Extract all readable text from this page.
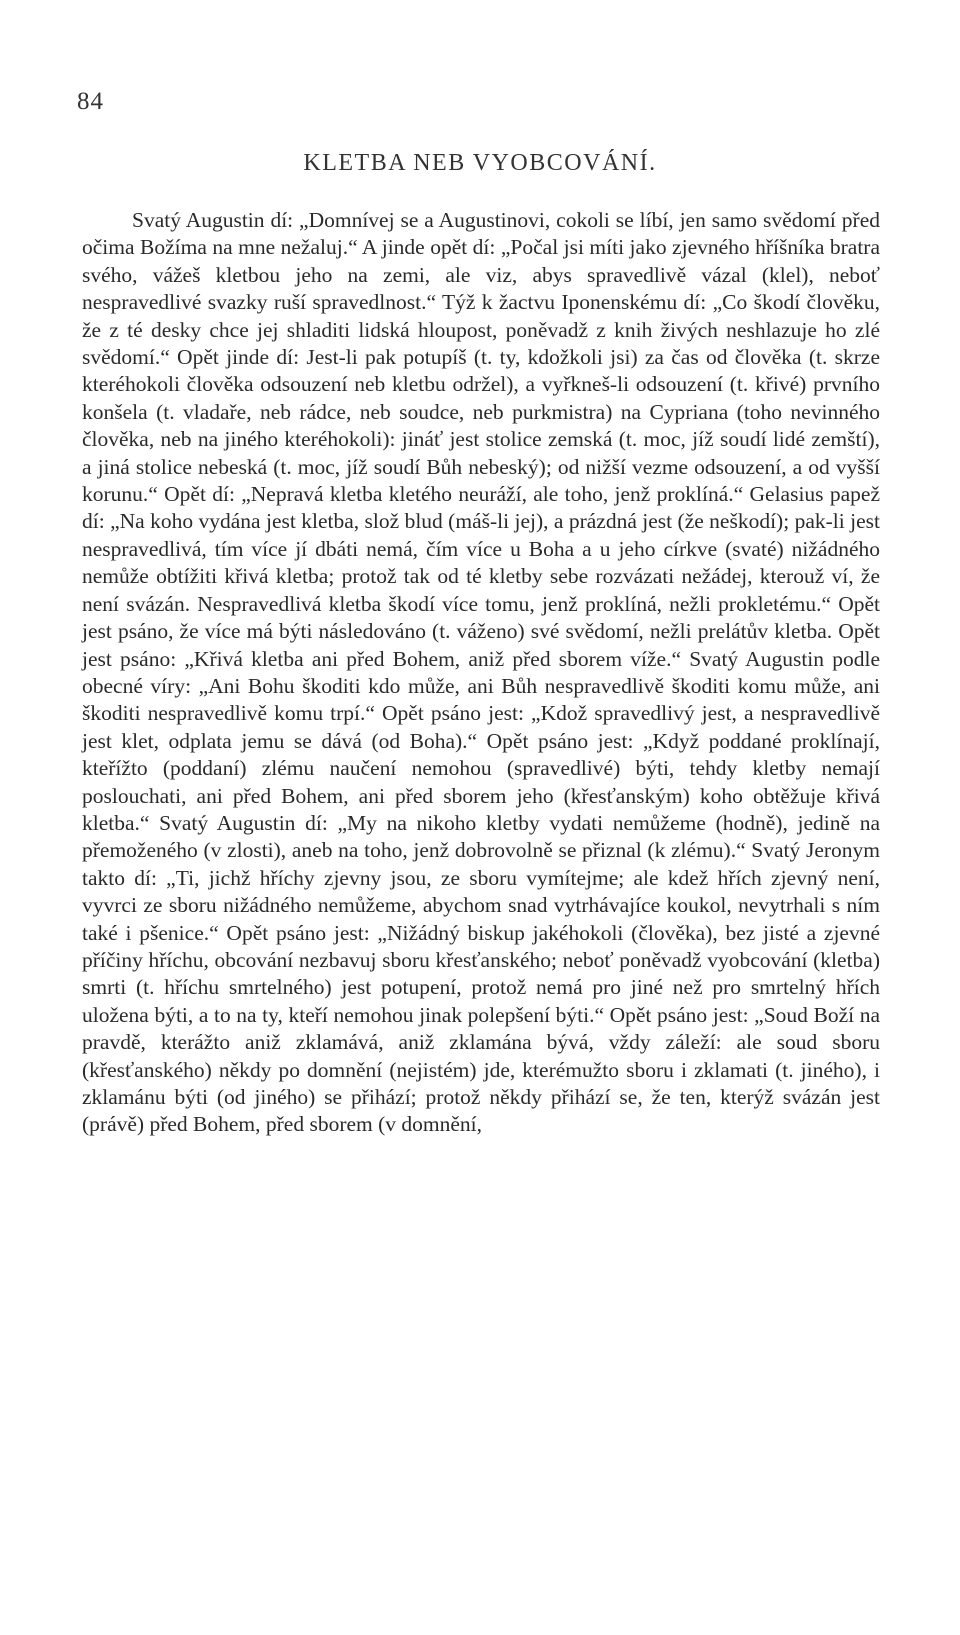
84
KLETBA NEB VYOBCOVÁNÍ.

Svatý Augustin dí: „Domnívej se a Augustinovi, cokoli se líbí, jen samo svědomí před očima Božíma na mne nežaluj.“ A jinde opět dí: „Počal jsi míti jako zjevného hříšníka bratra svého, vážeš kletbou jeho na zemi, ale viz, abys spravedlivě vázal (klel), neboť nespravedlivé svazky ruší spravedlnost.“ Týž k žactvu Iponenskému dí: „Co škodí člověku, že z té desky chce jej shladiti lidská hloupost, poněvadž z knih živých neshlazuje ho zlé svědomí.“ Opět jinde dí: Jest-li pak potupíš (t. ty, kdožkoli jsi) za čas od člověka (t. skrze kteréhokoli člověka odsouzení neb kletbu održel), a vyřkneš-li odsouzení (t. křivé) prvního konšela (t. vladaře, neb rádce, neb soudce, neb purkmistra) na Cypriana (toho nevinného člověka, neb na jiného kteréhokoli): jináť jest stolice zemská (t. moc, jíž soudí lidé zemští), a jiná stolice nebeská (t. moc, jíž soudí Bůh nebeský); od nižší vezme odsouzení, a od vyšší korunu.“ Opět dí: „Nepravá kletba kletého neuráží, ale toho, jenž proklíná.“ Gelasius papež dí: „Na koho vydána jest kletba, slož blud (máš-li jej), a prázdná jest (že neškodí); pak-li jest nespravedlivá, tím více jí dbáti nemá, čím více u Boha a u jeho církve (svaté) nižádného nemůže obtížiti křivá kletba; protož tak od té kletby sebe rozvázati nežádej, kterouž ví, že není svázán. Nespravedlivá kletba škodí více tomu, jenž proklíná, nežli prokletému.“ Opět jest psáno, že více má býti následováno (t. váženo) své svědomí, nežli prelátův kletba. Opět jest psáno: „Křivá kletba ani před Bohem, aniž před sborem víže.“ Svatý Augustin podle obecné víry: „Ani Bohu škoditi kdo může, ani Bůh nespravedlivě škoditi komu může, ani škoditi nespravedlivě komu trpí.“ Opět psáno jest: „Kdož spravedlivý jest, a nespravedlivě jest klet, odplata jemu se dává (od Boha).“ Opět psáno jest: „Když poddané proklínají, kteřížto (poddaní) zlému naučení nemohou (spravedlivé) býti, tehdy kletby nemají poslouchati, ani před Bohem, ani před sborem jeho (křesťanským) koho obtěžuje křivá kletba.“ Svatý Augustin dí: „My na nikoho kletby vydati nemůžeme (hodně), jedině na přemoženého (v zlosti), aneb na toho, jenž dobrovolně se přiznal (k zlému).“ Svatý Jeronym takto dí: „Ti, jichž hříchy zjevny jsou, ze sboru vymítejme; ale kdež hřích zjevný není, vyvrci ze sboru nižádného nemůžeme, abychom snad vytrhávajíce koukol, nevytrhali s ním také i pšenice.“ Opět psáno jest: „Nižádný biskup jakéhokoli (člověka), bez jisté a zjevné příčiny hříchu, obcování nezbavuj sboru křesťanského; neboť poněvadž vyobcování (kletba) smrti (t. hříchu smrtelného) jest potupení, protož nemá pro jiné než pro smrtelný hřích uložena býti, a to na ty, kteří nemohou jinak polepšení býti.“ Opět psáno jest: „Soud Boží na pravdě, kterážto aniž zklamává, aniž zklamána bývá, vždy záleží: ale soud sboru (křesťanského) někdy po domnění (nejistém) jde, kterémužto sboru i zklamati (t. jiného), i zklamánu býti (od jiného) se přihází; protož někdy přihází se, že ten, kterýž svázán jest (právě) před Bohem, před sborem (v domnění,
